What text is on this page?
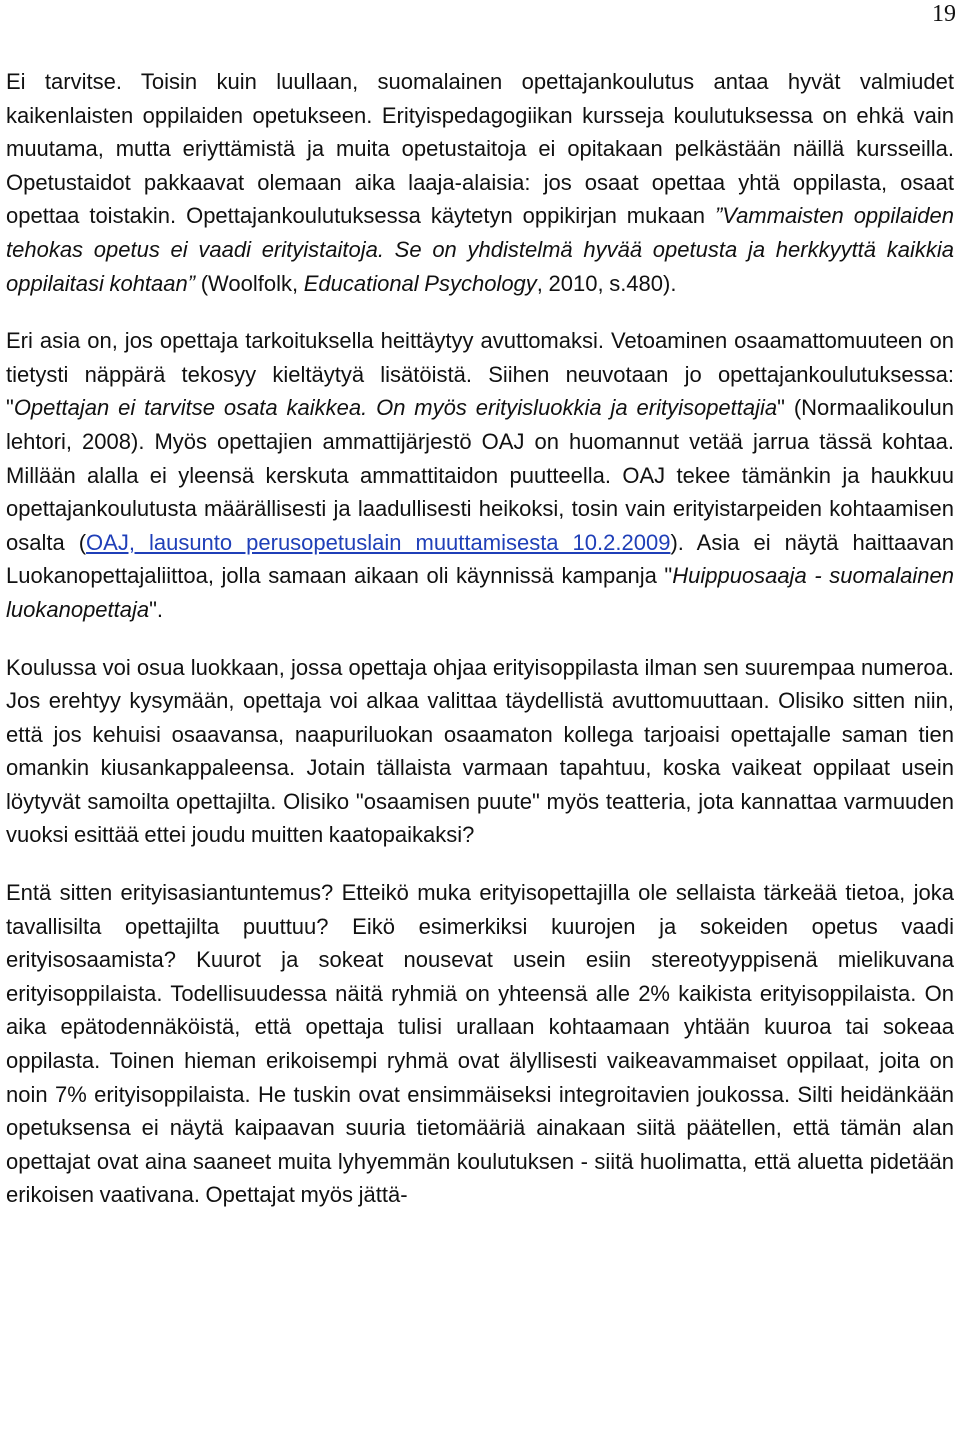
19

Ei tarvitse. Toisin kuin luullaan, suomalainen opettajankoulutus antaa hyvät valmiudet kaikenlaisten oppilaiden opetukseen. Erityispedagogiikan kursseja koulutuksessa on ehkä vain muutama, mutta eriyttämistä ja muita opetustaitoja ei opitakaan pelkästään näillä kursseilla. Opetustaidot pakkaavat olemaan aika laaja-alaisia: jos osaat opettaa yhtä oppilasta, osaat opettaa toistakin. Opettajankoulutuksessa käytetyn oppikirjan mukaan ”Vammaisten oppilaiden tehokas opetus ei vaadi erityistaitoja. Se on yhdistelmä hyvää opetusta ja herkkyyttä kaikkia oppilaitasi kohtaan” (Woolfolk, Educational Psychology, 2010, s.480).

Eri asia on, jos opettaja tarkoituksella heittäytyy avuttomaksi. Vetoaminen osaamattomuuteen on tietysti näppärä tekosyy kieltäytyä lisätöistä. Siihen neuvotaan jo opettajankoulutuksessa: "Opettajan ei tarvitse osata kaikkea. On myös erityisluokkia ja erityisopettajia" (Normaalikoulun lehtori, 2008). Myös opettajien ammattijärjestö OAJ on huomannut vetää jarrua tässä kohtaa. Millään alalla ei yleensä kerskuta ammattitaidon puutteella. OAJ tekee tämänkin ja haukkuu opettajankoulutusta määrällisesti ja laadullisesti heikoksi, tosin vain erityistarpeiden kohtaamisen osalta (OAJ, lausunto perusopetuslain muuttamisesta 10.2.2009). Asia ei näytä haittaavan Luokanopettajaliittoa, jolla samaan aikaan oli käynnissä kampanja "Huippuosaaja - suomalainen luokanopettaja".

Koulussa voi osua luokkaan, jossa opettaja ohjaa erityisoppilasta ilman sen suurempaa numeroa. Jos erehtyy kysymään, opettaja voi alkaa valittaa täydellistä avuttomuuttaan. Olisiko sitten niin, että jos kehuisi osaavansa, naapuriluokan osaamaton kollega tarjoaisi opettajalle saman tien omankin kiusankappaleensa. Jotain tällaista varmaan tapahtuu, koska vaikeat oppilaat usein löytyvät samoilta opettajilta. Olisiko "osaamisen puute" myös teatteria, jota kannattaa varmuuden vuoksi esittää ettei joudu muitten kaatopaikaksi?

Entä sitten erityisasiantuntemus? Etteikö muka erityisopettajilla ole sellaista tärkeää tietoa, joka tavallisilta opettajilta puuttuu? Eikö esimerkiksi kuurojen ja sokeiden opetus vaadi erityisosaamista? Kuurot ja sokeat nousevat usein esiin stereotyyppisenä mielikuvana erityisoppilaista. Todellisuudessa näitä ryhmiä on yhteensä alle 2% kaikista erityisoppilaista. On aika epätodennäköistä, että opettaja tulisi urallaan kohtaamaan yhtään kuuroa tai sokeaa oppilasta. Toinen hieman erikoisempi ryhmä ovat älyllisesti vaikeavammaiset oppilaat, joita on noin 7% erityisoppilaista. He tuskin ovat ensimmäiseksi integroitavien joukossa. Silti heidänkään opetuksensa ei näytä kaipaavan suuria tietomääriä ainakaan siitä päätellen, että tämän alan opettajat ovat aina saaneet muita lyhyemmän koulutuksen - siitä huolimatta, että aluetta pidetään erikoisen vaativana. Opettajat myös jättä-
